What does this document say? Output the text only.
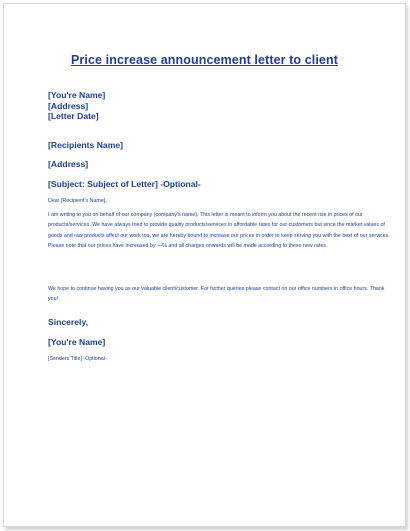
Price increase announcement letter to client
[You're Name]
[Address]
[Letter Date]
[Recipients Name]
[Address]
[Subject: Subject of Letter] -Optional-
Dear [Recipient's Name],
I am writing to you on behalf of our company (company's name). This letter is meant to inform you about the recent rise in prices of our products/services. We have always tried to provide quality products/services in affordable rates for our customers but since the market values of goods and raw products affect our work too, we are hereby bound to increase our prices in order to keep serving you with the best of our services. Please note that our prices have increased by —% and all charges onwards will be made according to these new rates.
We hope to continue having you as our valuable client/customer. For further queries please contact on our office numbers in office hours. Thank you!
Sincerely,
[You're Name]
[Senders Title] -Optional-
